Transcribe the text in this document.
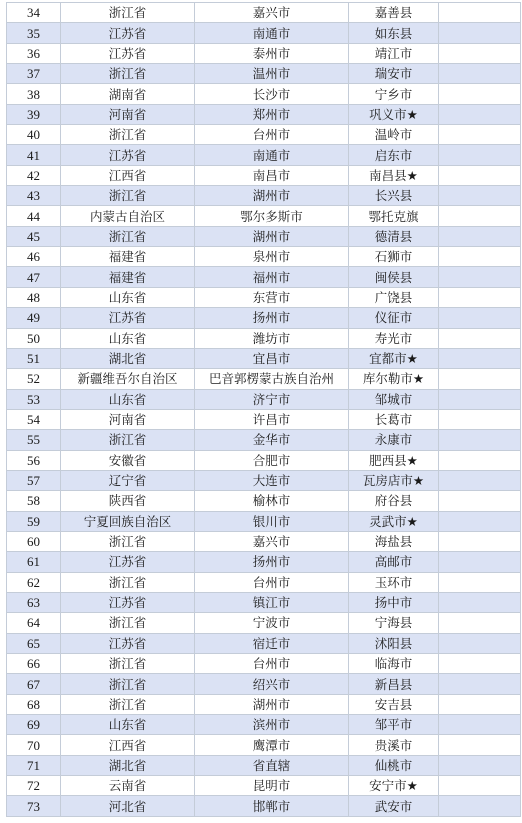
34	浙江省	嘉兴市	嘉善县	
35	江苏省	南通市	如东县	
36	江苏省	泰州市	靖江市	
37	浙江省	温州市	瑞安市	
38	湖南省	长沙市	宁乡市	
39	河南省	郑州市	巩义市★	
40	浙江省	台州市	温岭市	
41	江苏省	南通市	启东市	
42	江西省	南昌市	南昌县★	
43	浙江省	湖州市	长兴县	
44	内蒙古自治区	鄂尔多斯市	鄂托克旗	
45	浙江省	湖州市	德清县	
46	福建省	泉州市	石狮市	
47	福建省	福州市	闽侯县	
48	山东省	东营市	广饶县	
49	江苏省	扬州市	仪征市	
50	山东省	潍坊市	寿光市	
51	湖北省	宜昌市	宜都市★	
52	新疆维吾尔自治区	巴音郭楞蒙古族自治州	库尔勒市★	
53	山东省	济宁市	邹城市	
54	河南省	许昌市	长葛市	
55	浙江省	金华市	永康市	
56	安徽省	合肥市	肥西县★	
57	辽宁省	大连市	瓦房店市★	
58	陕西省	榆林市	府谷县	
59	宁夏回族自治区	银川市	灵武市★	
60	浙江省	嘉兴市	海盐县	
61	江苏省	扬州市	高邮市	
62	浙江省	台州市	玉环市	
63	江苏省	镇江市	扬中市	
64	浙江省	宁波市	宁海县	
65	江苏省	宿迁市	沭阳县	
66	浙江省	台州市	临海市	
67	浙江省	绍兴市	新昌县	
68	浙江省	湖州市	安吉县	
69	山东省	滨州市	邹平市	
70	江西省	鹰潭市	贵溪市	
71	湖北省	省直辖	仙桃市	
72	云南省	昆明市	安宁市★	
73	河北省	邯郸市	武安市	
